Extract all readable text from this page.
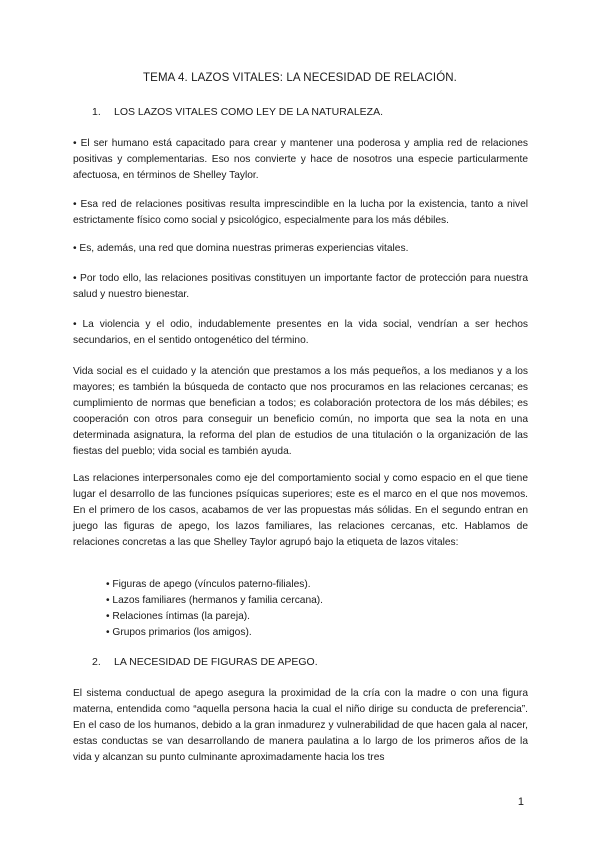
TEMA 4. LAZOS VITALES: LA NECESIDAD DE RELACIÓN.
1. LOS LAZOS VITALES COMO LEY DE LA NATURALEZA.
• El ser humano está capacitado para crear y mantener una poderosa y amplia red de relaciones positivas y complementarias. Eso nos convierte y hace de nosotros una especie particularmente afectuosa, en términos de Shelley Taylor.
• Esa red de relaciones positivas resulta imprescindible en la lucha por la existencia, tanto a nivel estrictamente físico como social y psicológico, especialmente para los más débiles.
• Es, además, una red que domina nuestras primeras experiencias vitales.
• Por todo ello, las relaciones positivas constituyen un importante factor de protección para nuestra salud y nuestro bienestar.
• La violencia y el odio, indudablemente presentes en la vida social, vendrían a ser hechos secundarios, en el sentido ontogenético del término.
Vida social es el cuidado y la atención que prestamos a los más pequeños, a los medianos y a los mayores; es también la búsqueda de contacto que nos procuramos en las relaciones cercanas; es cumplimiento de normas que benefician a todos; es colaboración protectora de los más débiles; es cooperación con otros para conseguir un beneficio común, no importa que sea la nota en una determinada asignatura, la reforma del plan de estudios de una titulación o la organización de las fiestas del pueblo; vida social es también ayuda.
Las relaciones interpersonales como eje del comportamiento social y como espacio en el que tiene lugar el desarrollo de las funciones psíquicas superiores; este es el marco en el que nos movemos. En el primero de los casos, acabamos de ver las propuestas más sólidas. En el segundo entran en juego las figuras de apego, los lazos familiares, las relaciones cercanas, etc. Hablamos de relaciones concretas a las que Shelley Taylor agrupó bajo la etiqueta de lazos vitales:
• Figuras de apego (vínculos paterno-filiales).
• Lazos familiares (hermanos y familia cercana).
• Relaciones íntimas (la pareja).
• Grupos primarios (los amigos).
2. LA NECESIDAD DE FIGURAS DE APEGO.
El sistema conductual de apego asegura la proximidad de la cría con la madre o con una figura materna, entendida como “aquella persona hacia la cual el niño dirige su conducta de preferencia”. En el caso de los humanos, debido a la gran inmadurez y vulnerabilidad de que hacen gala al nacer, estas conductas se van desarrollando de manera paulatina a lo largo de los primeros años de la vida y alcanzan su punto culminante aproximadamente hacia los tres
1
